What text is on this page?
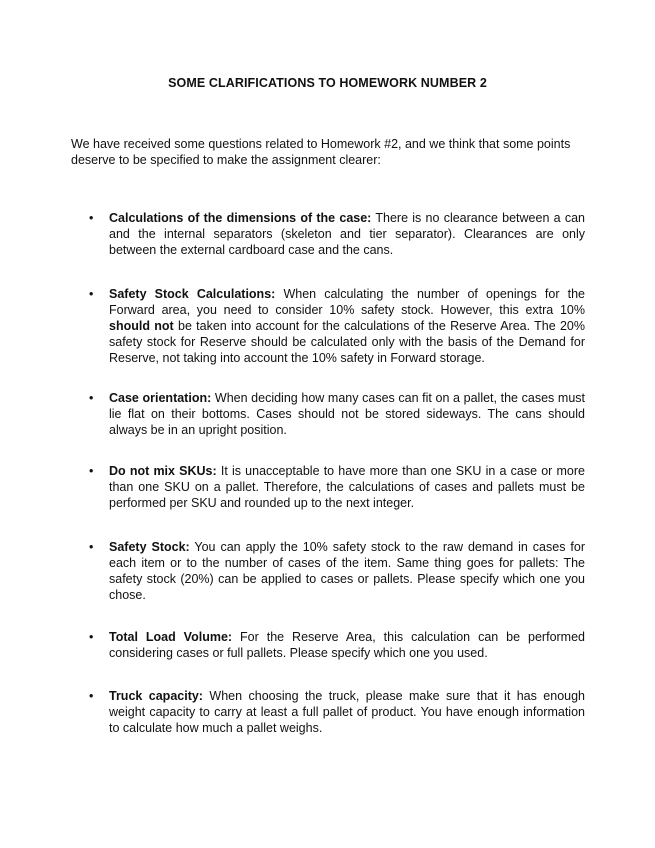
SOME CLARIFICATIONS TO HOMEWORK NUMBER 2

We have received some questions related to Homework #2, and we think that some points deserve to be specified to make the assignment clearer:

• Calculations of the dimensions of the case: There is no clearance between a can and the internal separators (skeleton and tier separator). Clearances are only between the external cardboard case and the cans.
• Safety Stock Calculations: When calculating the number of openings for the Forward area, you need to consider 10% safety stock. However, this extra 10% should not be taken into account for the calculations of the Reserve Area. The 20% safety stock for Reserve should be calculated only with the basis of the Demand for Reserve, not taking into account the 10% safety in Forward storage.
• Case orientation: When deciding how many cases can fit on a pallet, the cases must lie flat on their bottoms. Cases should not be stored sideways. The cans should always be in an upright position.
• Do not mix SKUs: It is unacceptable to have more than one SKU in a case or more than one SKU on a pallet. Therefore, the calculations of cases and pallets must be performed per SKU and rounded up to the next integer.
• Safety Stock: You can apply the 10% safety stock to the raw demand in cases for each item or to the number of cases of the item. Same thing goes for pallets: The safety stock (20%) can be applied to cases or pallets. Please specify which one you chose.
• Total Load Volume: For the Reserve Area, this calculation can be performed considering cases or full pallets. Please specify which one you used.
• Truck capacity: When choosing the truck, please make sure that it has enough weight capacity to carry at least a full pallet of product. You have enough information to calculate how much a pallet weighs.
